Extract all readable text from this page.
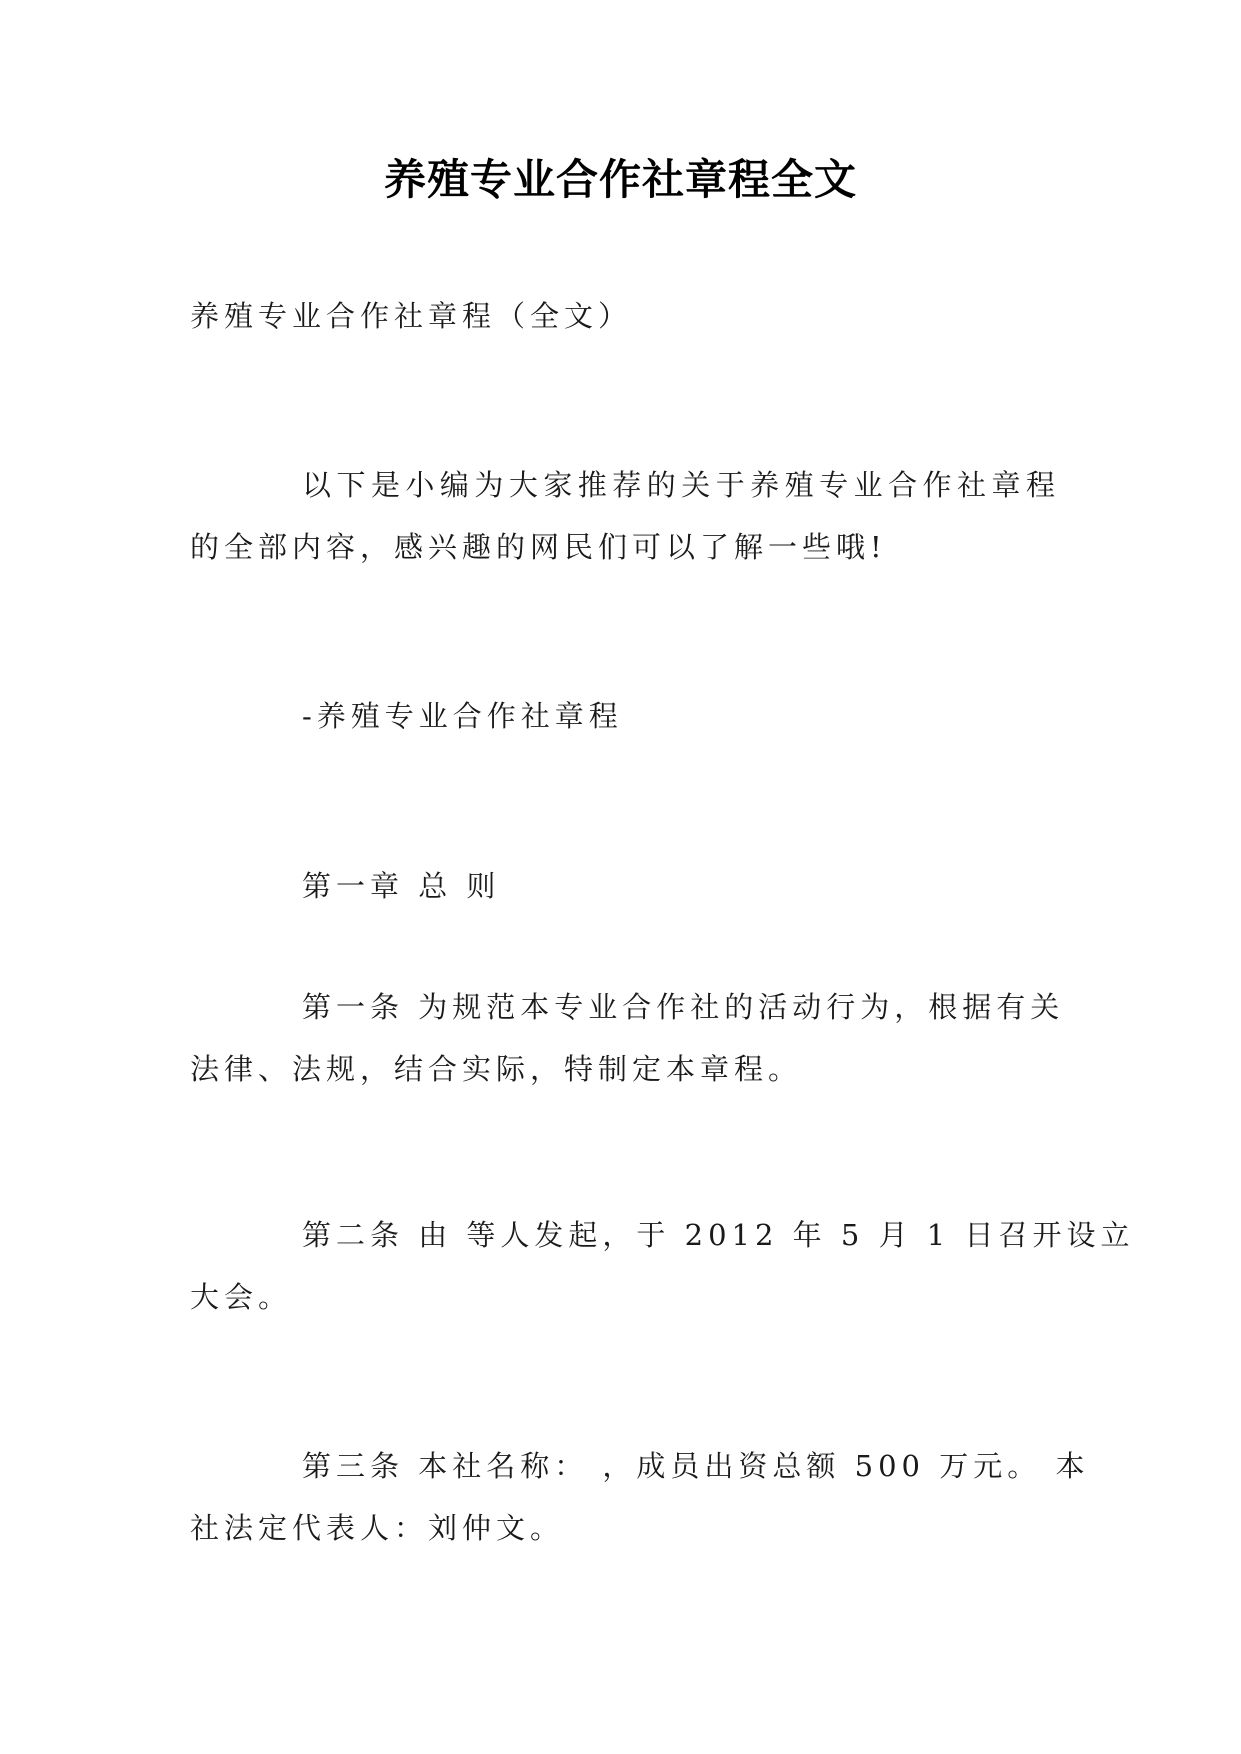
养殖专业合作社章程全文
养殖专业合作社章程（全文）
以下是小编为大家推荐的关于养殖专业合作社章程
的全部内容，感兴趣的网民们可以了解一些哦!
-养殖专业合作社章程
第一章 总 则
第一条 为规范本专业合作社的活动行为，根据有关
法律、法规，结合实际，特制定本章程。
第二条 由 等人发起，于 2012 年 5 月 1 日召开设立
大会。
第三条 本社名称： ，成员出资总额 500 万元。 本
社法定代表人：刘仲文。
